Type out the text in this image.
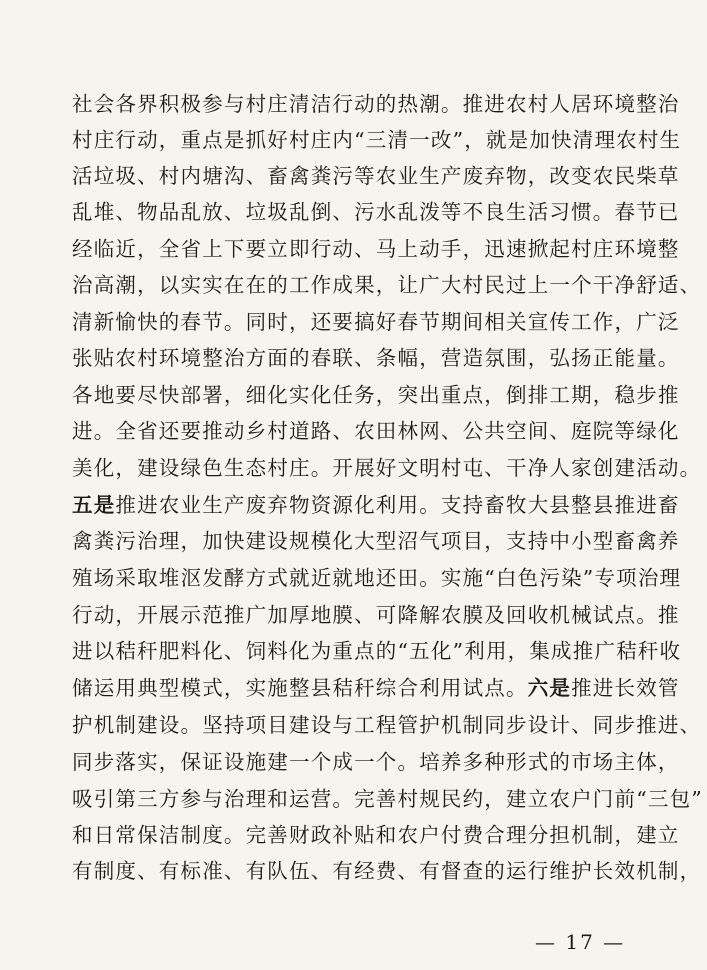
社会各界积极参与村庄清洁行动的热潮。推进农村人居环境整治
村庄行动，重点是抓好村庄内“三清一改”，就是加快清理农村生
活垃圾、村内塘沟、畜禽粪污等农业生产废弃物，改变农民柴草
乱堆、物品乱放、垃圾乱倒、污水乱泼等不良生活习惯。春节已
经临近，全省上下要立即行动、马上动手，迅速掀起村庄环境整
治高潮，以实实在在的工作成果，让广大村民过上一个干净舒适、
清新愉快的春节。同时，还要搞好春节期间相关宣传工作，广泛
张贴农村环境整治方面的春联、条幅，营造氛围，弘扬正能量。
各地要尽快部署，细化实化任务，突出重点，倒排工期，稳步推
进。全省还要推动乡村道路、农田林网、公共空间、庭院等绿化
美化，建设绿色生态村庄。开展好文明村屯、干净人家创建活动。
五是推进农业生产废弃物资源化利用。支持畜牧大县整县推进畜
禽粪污治理，加快建设规模化大型沼气项目，支持中小型畜禽养
殖场采取堆沤发酵方式就近就地还田。实施“白色污染”专项治理
行动，开展示范推广加厚地膜、可降解农膜及回收机械试点。推
进以秸秆肥料化、饲料化为重点的“五化”利用，集成推广秸秆收
储运用典型模式，实施整县秸秆综合利用试点。六是推进长效管
护机制建设。坚持项目建设与工程管护机制同步设计、同步推进、
同步落实，保证设施建一个成一个。培养多种形式的市场主体，
吸引第三方参与治理和运营。完善村规民约，建立农户门前“三包”
和日常保洁制度。完善财政补贴和农户付费合理分担机制，建立
有制度、有标准、有队伍、有经费、有督查的运行维护长效机制，
— 17 —
